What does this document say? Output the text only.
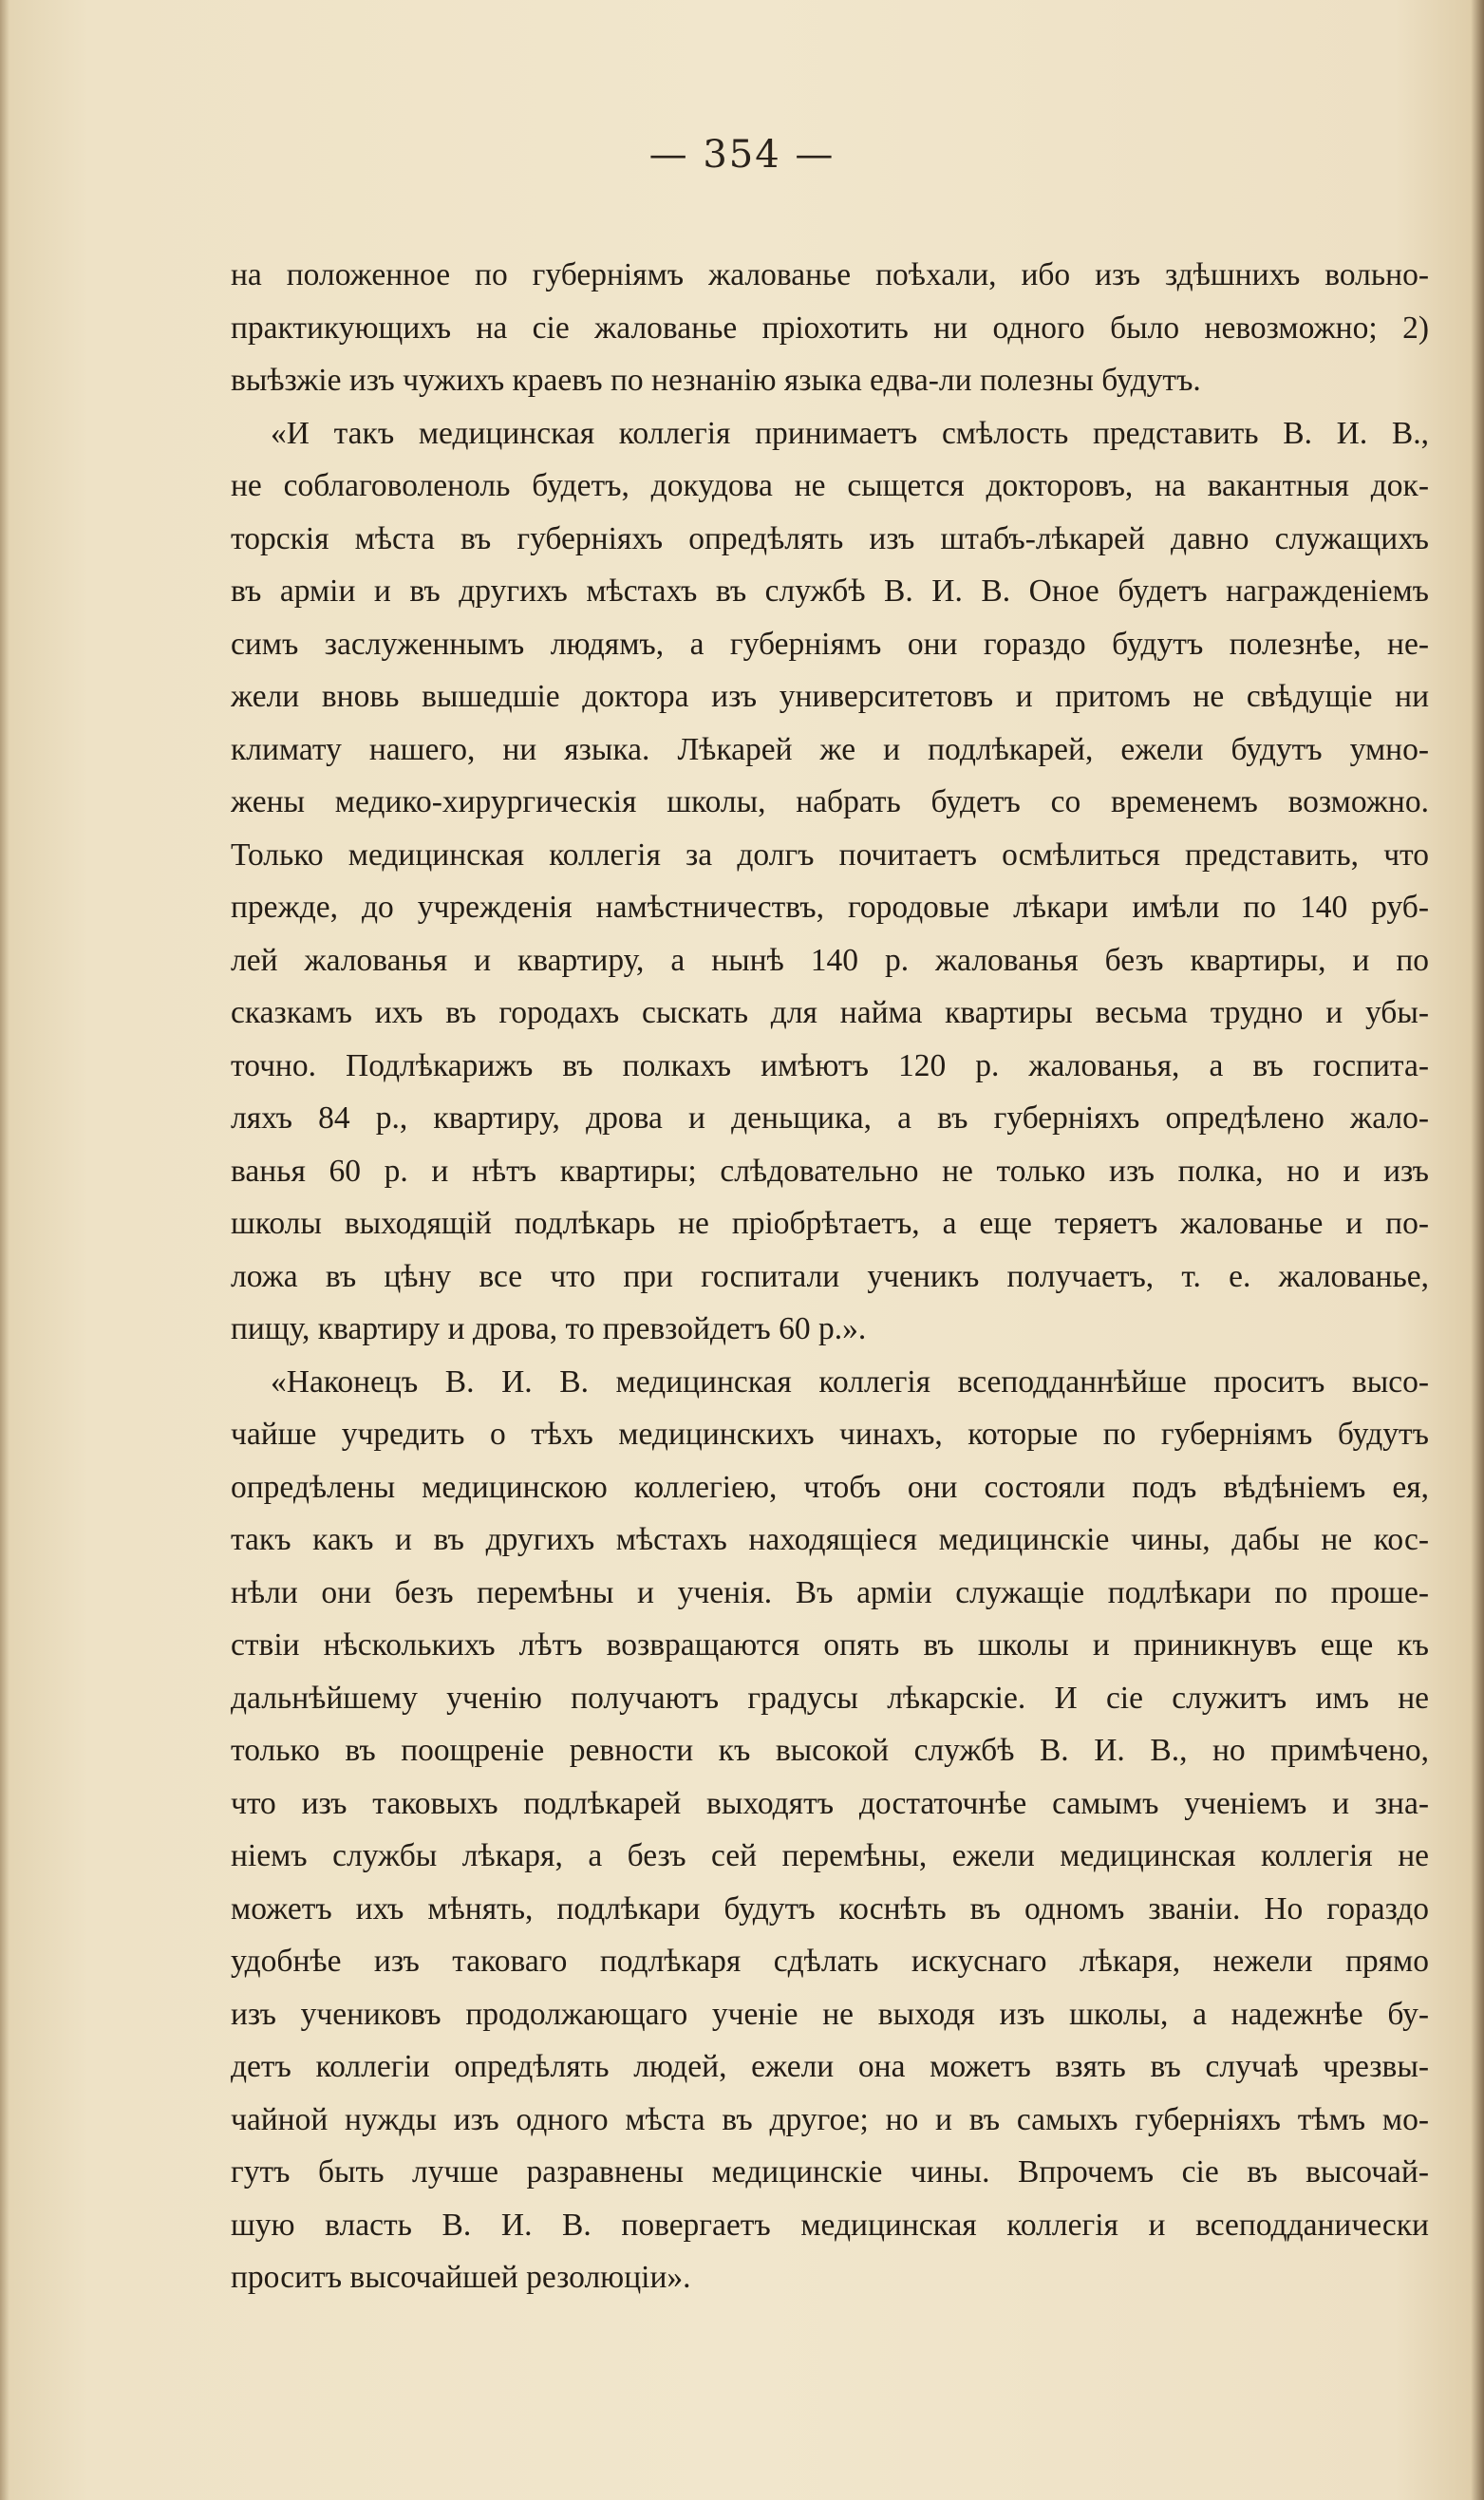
— 354 —
на положенное по губерніямъ жалованье поѣхали, ибо изъ здѣшнихъ вольно-
практикующихъ на сіе жалованье пріохотить ни одного было невозможно; 2)
выѣзжіе изъ чужихъ краевъ по незнанію языка едва-ли полезны будутъ.
«И такъ медицинская коллегія принимаетъ смѣлость представить В. И. В.,
не соблаговоленоль будетъ, докудова не сыщется докторовъ, на вакантныя док-
торскія мѣста въ губерніяхъ опредѣлять изъ штабъ-лѣкарей давно служащихъ
въ арміи и въ другихъ мѣстахъ въ службѣ В. И. В. Оное будетъ награжденіемъ
симъ заслуженнымъ людямъ, а губерніямъ они гораздо будутъ полезнѣе, не-
жели вновь вышедшіе доктора изъ университетовъ и притомъ не свѣдущіе ни
климату нашего, ни языка. Лѣкарей же и подлѣкарей, ежели будутъ умно-
жены медико-хирургическія школы, набрать будетъ со временемъ возможно.
Только медицинская коллегія за долгъ почитаетъ осмѣлиться представить, что
прежде, до учрежденія намѣстничествъ, городовые лѣкари имѣли по 140 руб-
лей жалованья и квартиру, а нынѣ 140 р. жалованья безъ квартиры, и по
сказкамъ ихъ въ городахъ сыскать для найма квартиры весьма трудно и убы-
точно. Подлѣкарижъ въ полкахъ имѣютъ 120 р. жалованья, а въ госпита-
ляхъ 84 р., квартиру, дрова и деньщика, а въ губерніяхъ опредѣлено жало-
ванья 60 р. и нѣтъ квартиры; слѣдовательно не только изъ полка, но и изъ
школы выходящій подлѣкарь не пріобрѣтаетъ, а еще теряетъ жалованье и по-
ложа въ цѣну все что при госпитали ученикъ получаетъ, т. е. жалованье,
пищу, квартиру и дрова, то превзойдетъ 60 р.».
«Наконецъ В. И. В. медицинская коллегія всеподданнѣйше проситъ высо-
чайше учредить о тѣхъ медицинскихъ чинахъ, которые по губерніямъ будутъ
опредѣлены медицинскою коллегіею, чтобъ они состояли подъ вѣдѣніемъ ея,
такъ какъ и въ другихъ мѣстахъ находящіеся медицинскіе чины, дабы не кос-
нѣли они безъ перемѣны и ученія. Въ арміи служащіе подлѣкари по проше-
ствіи нѣсколькихъ лѣтъ возвращаются опять въ школы и приникнувъ еще къ
дальнѣйшему ученію получаютъ градусы лѣкарскіе. И сіе служитъ имъ не
только въ поощреніе ревности къ высокой службѣ В. И. В., но примѣчено,
что изъ таковыхъ подлѣкарей выходятъ достаточнѣе самымъ ученіемъ и зна-
ніемъ службы лѣкаря, а безъ сей перемѣны, ежели медицинская коллегія не
можетъ ихъ мѣнять, подлѣкари будутъ коснѣть въ одномъ званіи. Но гораздо
удобнѣе изъ таковаго подлѣкаря сдѣлать искуснаго лѣкаря, нежели прямо
изъ учениковъ продолжающаго ученіе не выходя изъ школы, а надежнѣе бу-
детъ коллегіи опредѣлять людей, ежели она можетъ взять въ случаѣ чрезвы-
чайной нужды изъ одного мѣста въ другое; но и въ самыхъ губерніяхъ тѣмъ мо-
гутъ быть лучше разравнены медицинскіе чины. Впрочемъ сіе въ высочай-
шую власть В. И. В. повергаетъ медицинская коллегія и всеподданически
проситъ высочайшей резолюціи».
